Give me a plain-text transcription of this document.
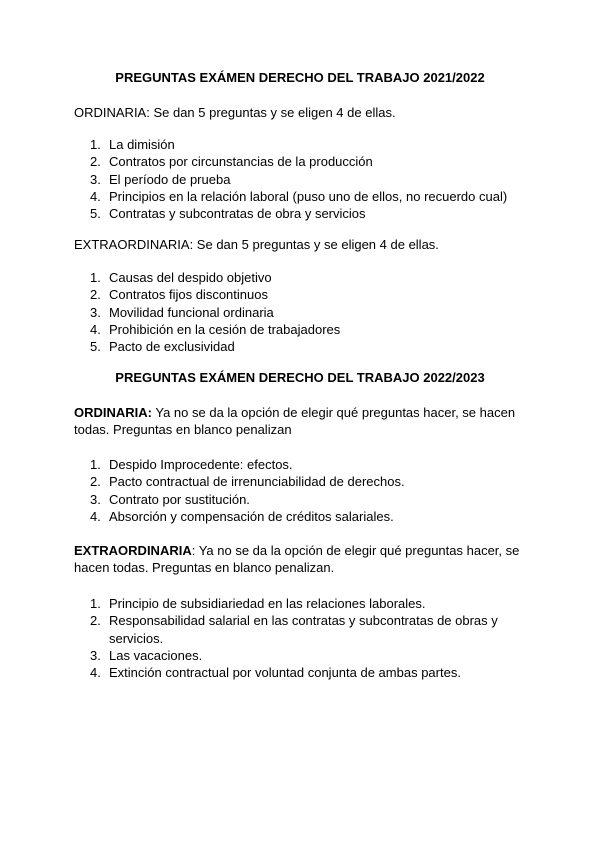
PREGUNTAS EXÁMEN DERECHO DEL TRABAJO 2021/2022

ORDINARIA: Se dan 5 preguntas y se eligen 4 de ellas.

1. La dimisión
2. Contratos por circunstancias de la producción
3. El período de prueba
4. Principios en la relación laboral (puso uno de ellos, no recuerdo cual)
5. Contratas y subcontratas de obra y servicios

EXTRAORDINARIA: Se dan 5 preguntas y se eligen 4 de ellas.

1. Causas del despido objetivo
2. Contratos fijos discontinuos
3. Movilidad funcional ordinaria
4. Prohibición en la cesión de trabajadores
5. Pacto de exclusividad
PREGUNTAS EXÁMEN DERECHO DEL TRABAJO 2022/2023

ORDINARIA: Ya no se da la opción de elegir qué preguntas hacer, se hacen todas. Preguntas en blanco penalizan

1. Despido Improcedente: efectos.
2. Pacto contractual de irrenunciabilidad de derechos.
3. Contrato por sustitución.
4. Absorción y compensación de créditos salariales.

EXTRAORDINARIA: Ya no se da la opción de elegir qué preguntas hacer, se hacen todas. Preguntas en blanco penalizan.

1. Principio de subsidiariedad en las relaciones laborales.
2. Responsabilidad salarial en las contratas y subcontratas de obras y servicios.
3. Las vacaciones.
4. Extinción contractual por voluntad conjunta de ambas partes.
